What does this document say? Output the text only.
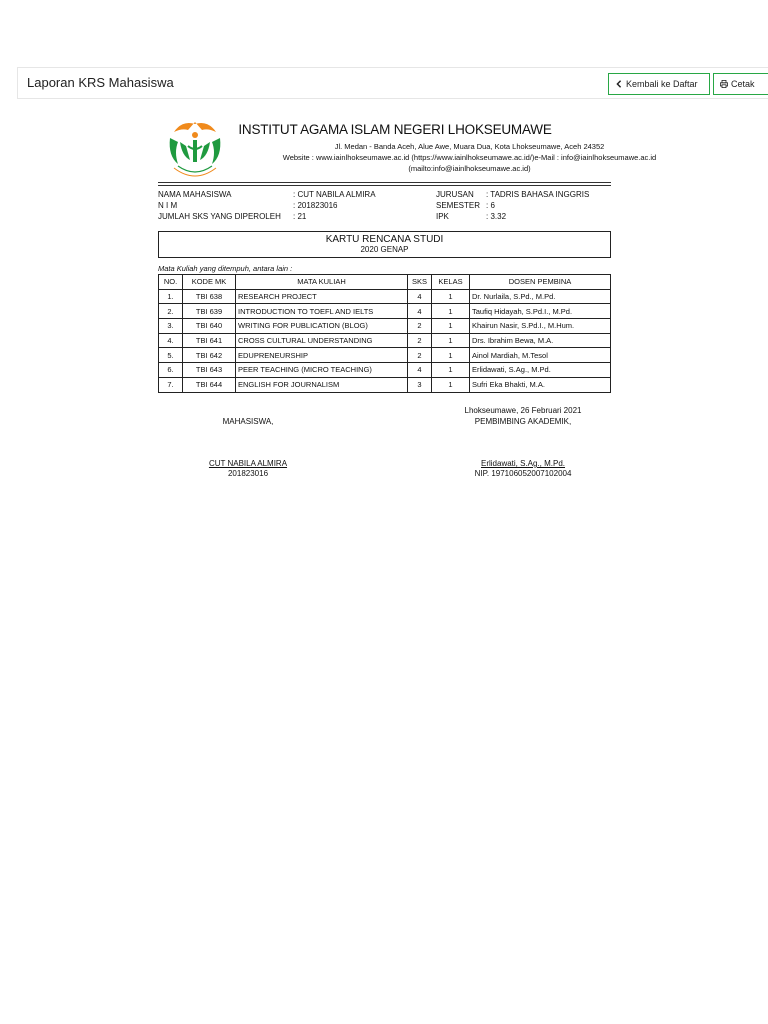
Laporan KRS Mahasiswa	Kembali ke Daftar	Cetak
INSTITUT AGAMA ISLAM NEGERI LHOKSEUMAWE
Jl. Medan - Banda Aceh, Alue Awe, Muara Dua, Kota Lhokseumawe, Aceh 24352
Website : www.iainlhokseumawe.ac.id (https://www.iainlhokseumawe.ac.id/)e-Mail : info@iainlhokseumawe.ac.id
(mailto:info@iainlhokseumawe.ac.id)
NAMA MAHASISWA	: CUT NABILA ALMIRA
N I M	: 201823016
JUMLAH SKS YANG DIPEROLEH : 21
JURUSAN : TADRIS BAHASA INGGRIS
SEMESTER : 6
IPK	: 3.32
KARTU RENCANA STUDI
2020 GENAP
Mata Kuliah yang ditempuh, antara lain :
NO.	KODE MK	MATA KULIAH	SKS	KELAS	DOSEN PEMBINA
1.	TBI 638	RESEARCH PROJECT	4	1	Dr. Nurlaila, S.Pd., M.Pd.
2.	TBI 639	INTRODUCTION TO TOEFL AND IELTS	4	1	Taufiq Hidayah, S.Pd.I., M.Pd.
3.	TBI 640	WRITING FOR PUBLICATION (BLOG)	2	1	Khairun Nasir, S.Pd.I., M.Hum.
4.	TBI 641	CROSS CULTURAL UNDERSTANDING	2	1	Drs. Ibrahim Bewa, M.A.
5.	TBI 642	EDUPRENEURSHIP	2	1	Ainol Mardiah, M.Tesol
6.	TBI 643	PEER TEACHING (MICRO TEACHING)	4	1	Erlidawati, S.Ag., M.Pd.
7.	TBI 644	ENGLISH FOR JOURNALISM	3	1	Sufri Eka Bhakti, M.A.
Lhokseumawe, 26 Februari 2021
MAHASISWA,	PEMBIMBING AKADEMIK,
CUT NABILA ALMIRA
201823016
Erlidawati, S.Ag., M.Pd.
NIP. 197106052007102004
